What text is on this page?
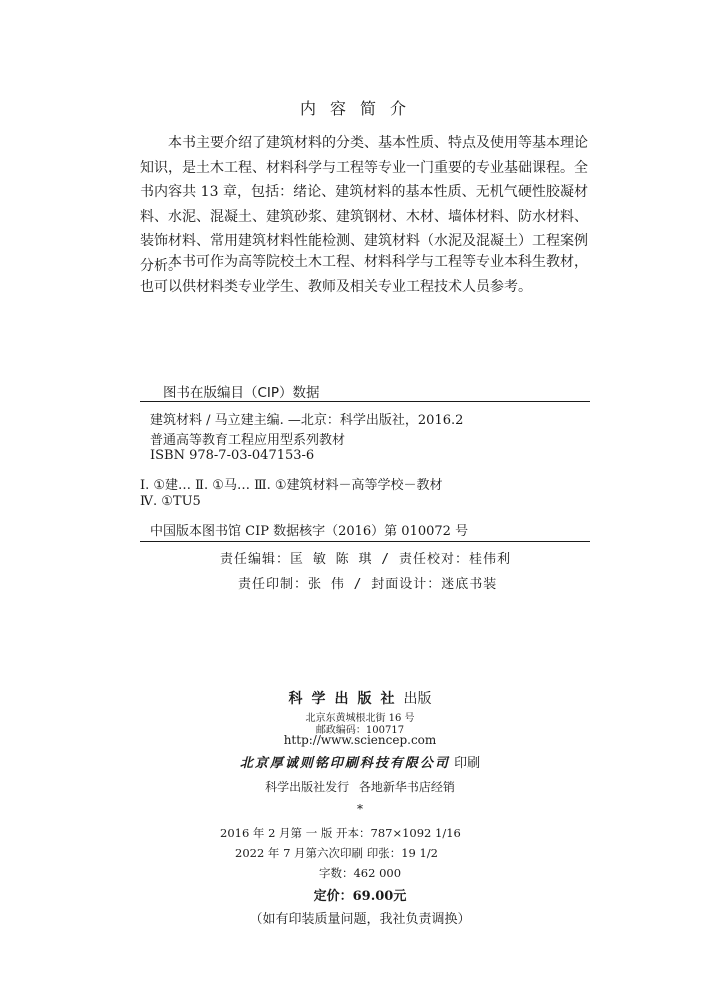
内容简介

本书主要介绍了建筑材料的分类、基本性质、特点及使用等基本理论知识，是土木工程、材料科学与工程等专业一门重要的专业基础课程。全书内容共 13 章，包括：绪论、建筑材料的基本性质、无机气硬性胶凝材料、水泥、混凝土、建筑砂浆、建筑钢材、木材、墙体材料、防水材料、装饰材料、常用建筑材料性能检测、建筑材料（水泥及混凝土）工程案例分析。

本书可作为高等院校土木工程、材料科学与工程等专业本科生教材，也可以供材料类专业学生、教师及相关专业工程技术人员参考。

图书在版编目（CIP）数据
建筑材料 / 马立建主编. —北京：科学出版社，2016.2
普通高等教育工程应用型系列教材
ISBN 978-7-03-047153-6
Ⅰ. ①建… Ⅱ. ①马… Ⅲ. ①建筑材料－高等学校－教材
Ⅳ. ①TU5
中国版本图书馆 CIP 数据核字（2016）第 010072 号
责任编辑：匡 敏 陈 琪 / 责任校对：桂伟利
责任印制：张 伟 / 封面设计：迷底书装
科学出版社出版
北京东黄城根北街 16 号
邮政编码：100717
http://www.sciencep.com
北京厚诚则铭印刷科技有限公司 印刷
科学出版社发行 各地新华书店经销
*
2016 年 2 月第 一 版 开本：787×1092 1/16
2022 年 7 月第六次印刷 印张：19 1/2
字数：462 000
定价：69.00元
（如有印装质量问题，我社负责调换）
